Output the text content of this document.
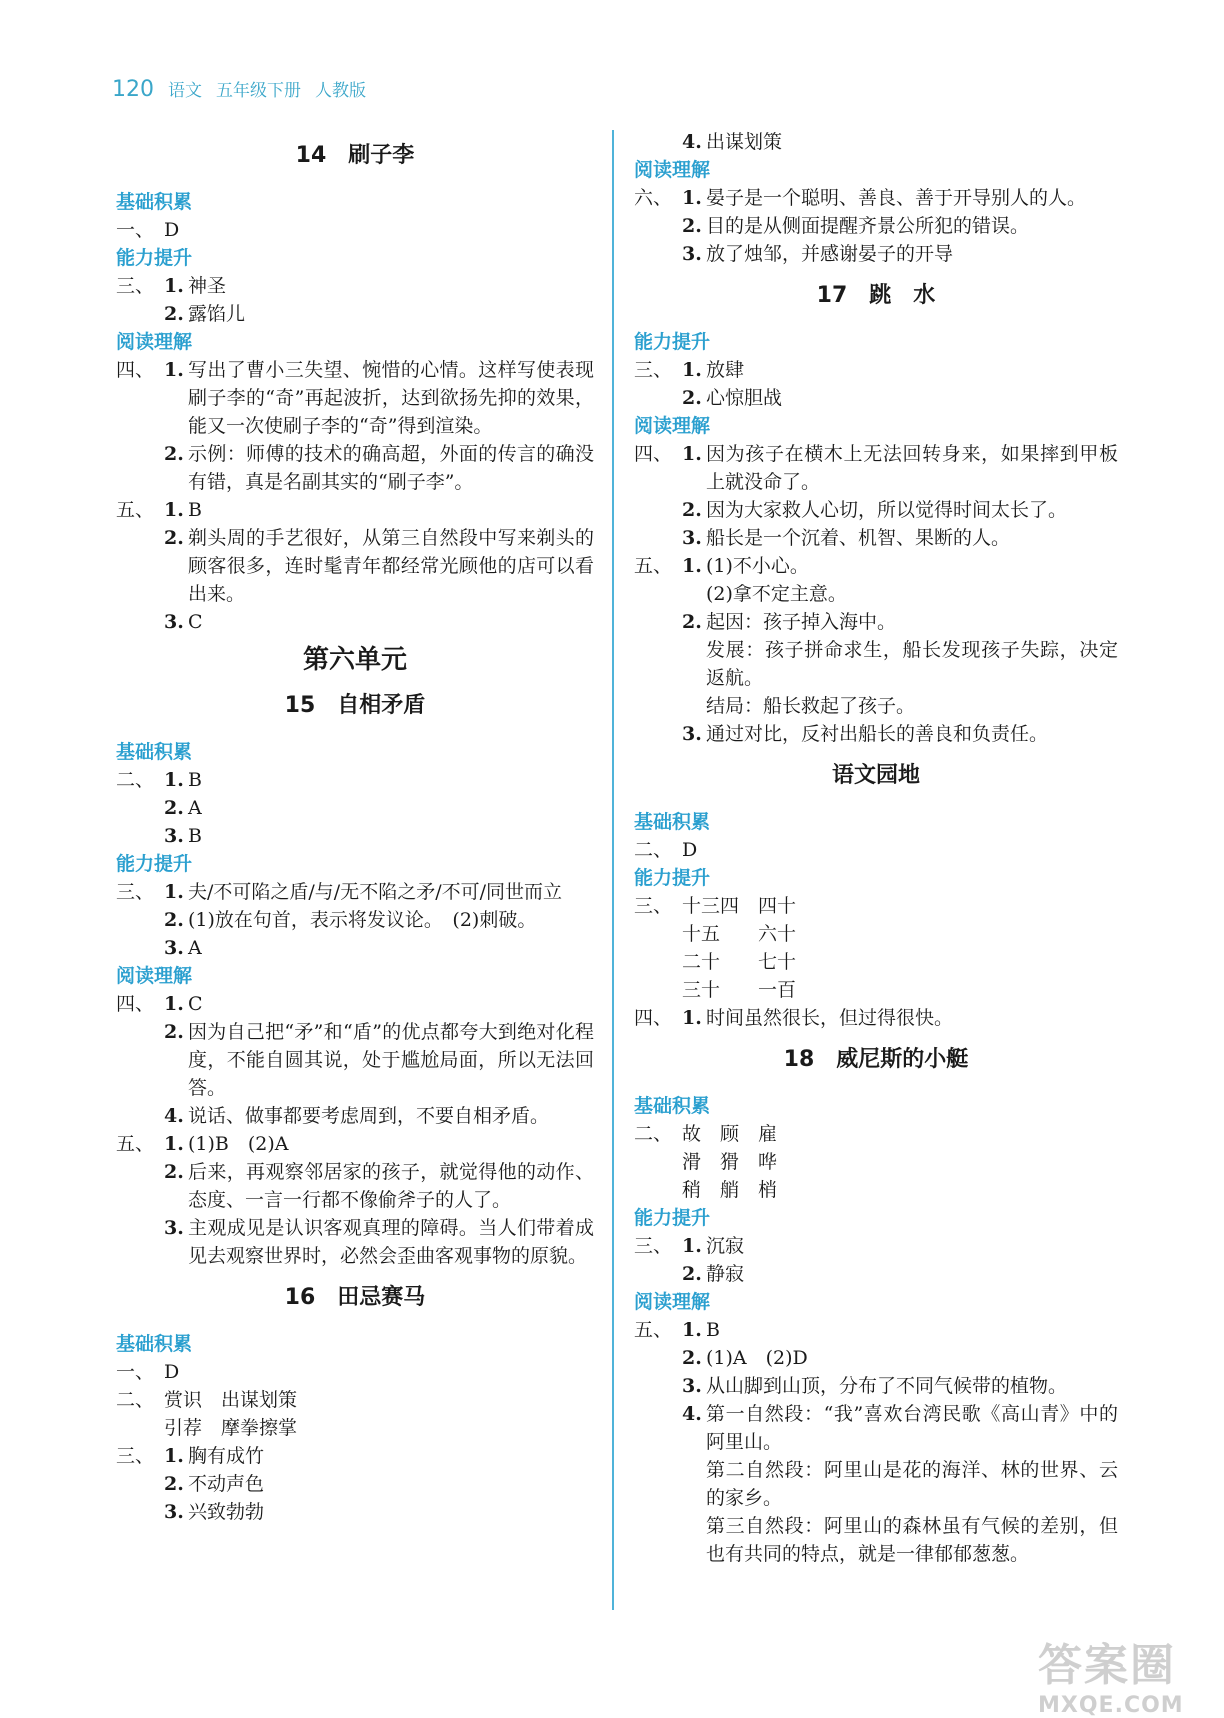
120 语文 五年级下册 人教版
14 刷子李
基础积累
一、 D
能力提升
三、 1. 神圣
2. 露馅儿
阅读理解
四、 1. 写出了曹小三失望、惋惜的心情。这样写使表现刷子李的“奇”再起波折，达到欲扬先抑的效果，能又一次使刷子李的“奇”得到渲染。
2. 示例：师傅的技术的确高超，外面的传言的确没有错，真是名副其实的“刷子李”。
五、 1. B
2. 剃头周的手艺很好，从第三自然段中写来剃头的顾客很多，连时髦青年都经常光顾他的店可以看出来。
3. C
第六单元
15 自相矛盾
基础积累
二、 1. B
2. A
3. B
能力提升
三、 1. 夫/不可陷之盾/与/无不陷之矛/不可/同世而立
2. (1)放在句首，表示将发议论。　(2)刺破。
3. A
阅读理解
四、 1. C
2. 因为自己把“矛”和“盾”的优点都夸大到绝对化程度，不能自圆其说，处于尴尬局面，所以无法回答。
4. 说话、做事都要考虑周到，不要自相矛盾。
五、 1. (1)B　(2)A
2. 后来，再观察邻居家的孩子，就觉得他的动作、态度、一言一行都不像偷斧子的人了。
3. 主观成见是认识客观真理的障碍。当人们带着成见去观察世界时，必然会歪曲客观事物的原貌。
16 田忌赛马
基础积累
一、 D
二、 赏识　出谋划策
引荐　摩拳擦掌
三、 1. 胸有成竹
2. 不动声色
3. 兴致勃勃
4. 出谋划策
阅读理解
六、 1. 晏子是一个聪明、善良、善于开导别人的人。
2. 目的是从侧面提醒齐景公所犯的错误。
3. 放了烛邹，并感谢晏子的开导
17 跳　水
能力提升
三、 1. 放肆
2. 心惊胆战
阅读理解
四、 1. 因为孩子在横木上无法回转身来，如果摔到甲板上就没命了。
2. 因为大家救人心切，所以觉得时间太长了。
3. 船长是一个沉着、机智、果断的人。
五、 1. (1)不小心。
(2)拿不定主意。
2. 起因：孩子掉入海中。
发展：孩子拼命求生，船长发现孩子失踪，决定返航。
结局：船长救起了孩子。
3. 通过对比，反衬出船长的善良和负责任。
语文园地
基础积累
二、 D
能力提升
三、 十三四　四十
十五　　六十
二十　　七十
三十　　一百
四、 1. 时间虽然很长，但过得很快。
18 威尼斯的小艇
基础积累
二、 故　顾　雇
滑　猾　哗
稍　艄　梢
能力提升
三、 1. 沉寂
2. 静寂
阅读理解
五、 1. B
2. (1)A　(2)D
3. 从山脚到山顶，分布了不同气候带的植物。
4. 第一自然段：“我”喜欢台湾民歌《高山青》中的阿里山。
第二自然段：阿里山是花的海洋、林的世界、云的家乡。
第三自然段：阿里山的森林虽有气候的差别，但也有共同的特点，就是一律郁郁葱葱。
答案圈
MXQE.COM
